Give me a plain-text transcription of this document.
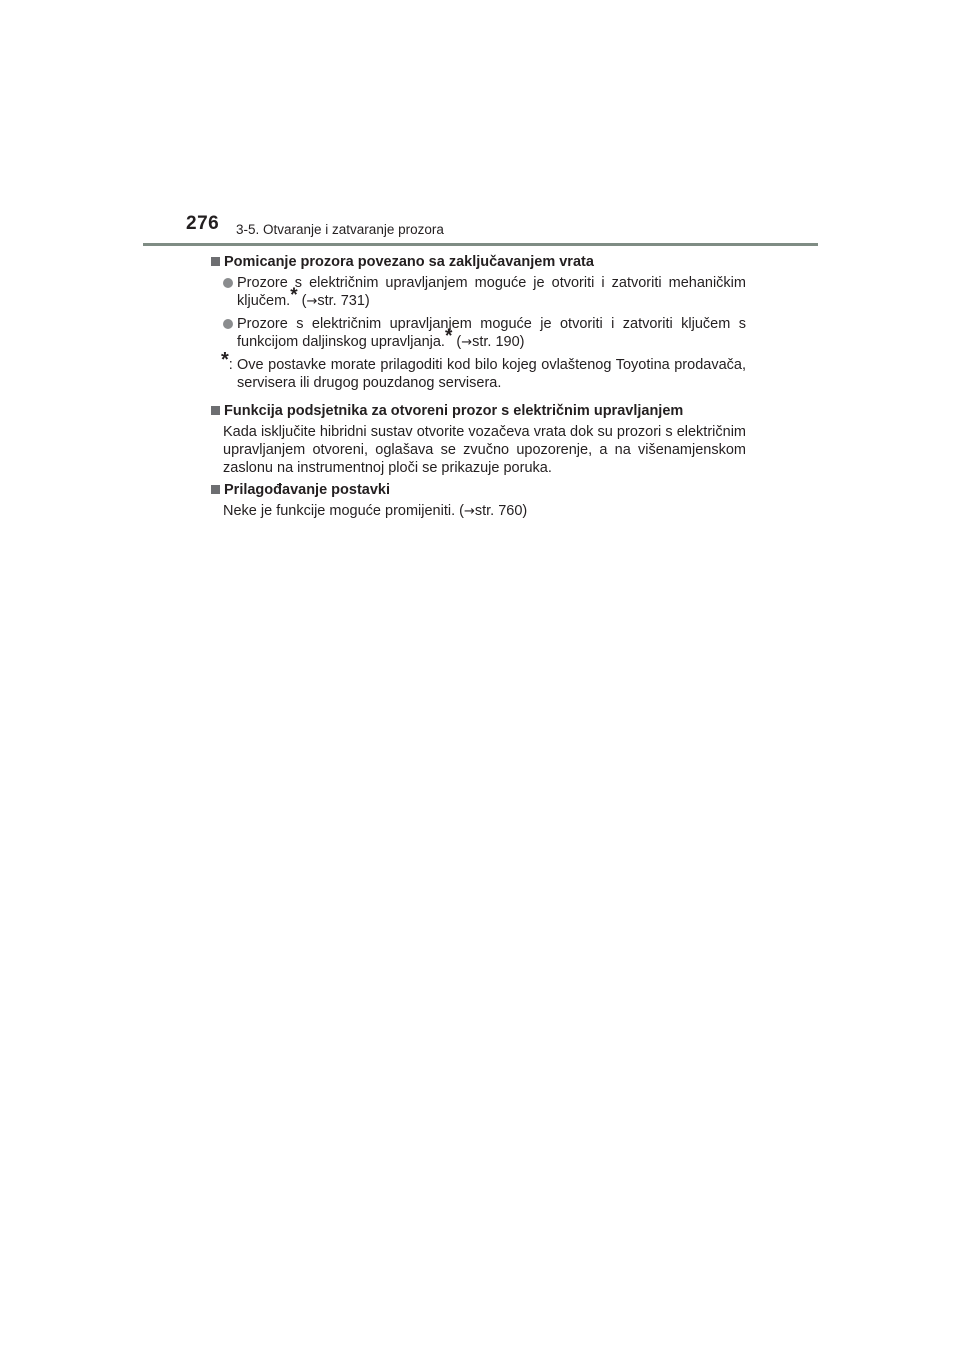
276 3-5. Otvaranje i zatvaranje prozora
Pomicanje prozora povezano sa zaključavanjem vrata
Prozore s električnim upravljanjem moguće je otvoriti i zatvoriti mehaničkim ključem.* (→str. 731)
Prozore s električnim upravljanjem moguće je otvoriti i zatvoriti ključem s funkcijom daljinskog upravljanja.* (→str. 190)
*: Ove postavke morate prilagoditi kod bilo kojeg ovlaštenog Toyotina prodavača, servisera ili drugog pouzdanog servisera.
Funkcija podsjetnika za otvoreni prozor s električnim upravljanjem
Kada isključite hibridni sustav otvorite vozačeva vrata dok su prozori s električnim upravljanjem otvoreni, oglašava se zvučno upozorenje, a na višenamjenskom zaslonu na instrumentnoj ploči se prikazuje poruka.
Prilagođavanje postavki
Neke je funkcije moguće promijeniti. (→str. 760)
